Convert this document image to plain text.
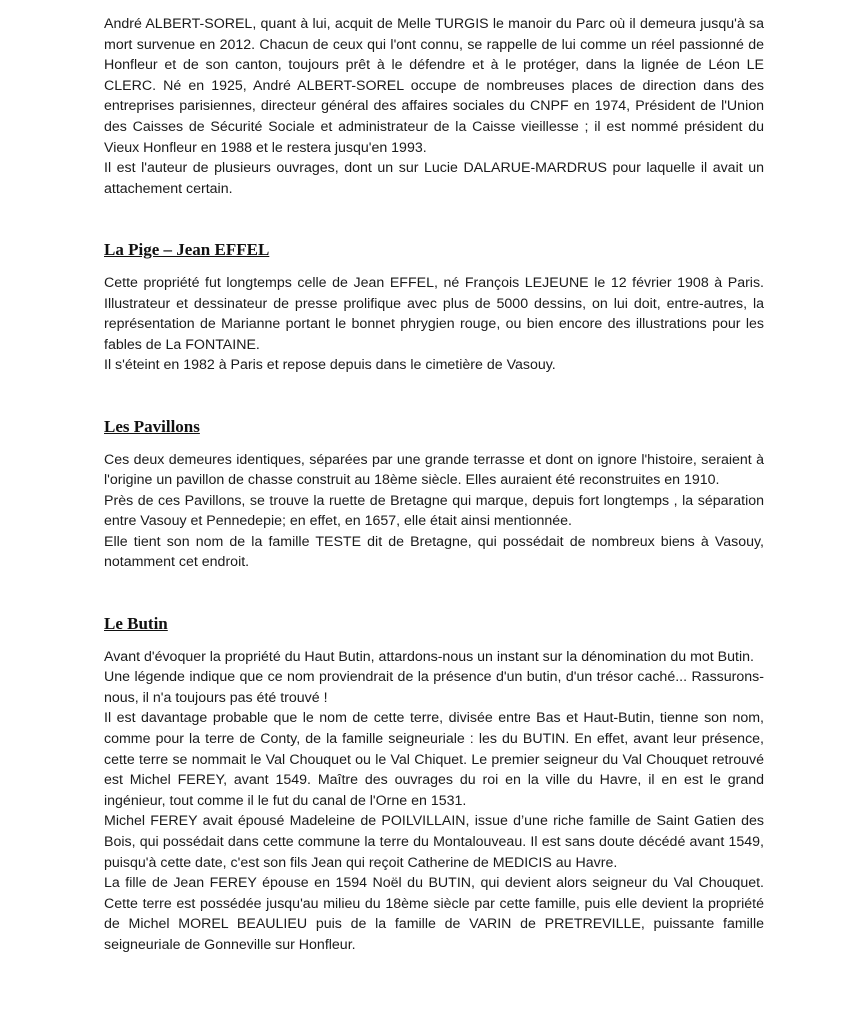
André ALBERT-SOREL, quant à lui, acquit de Melle TURGIS le manoir du Parc où il demeura jusqu'à sa mort survenue en 2012. Chacun de ceux qui l'ont connu, se rappelle de lui comme un réel passionné de Honfleur et de son canton, toujours prêt à le défendre et à le protéger, dans la lignée de Léon LE CLERC. Né en 1925, André ALBERT-SOREL occupe de nombreuses places de direction dans des entreprises parisiennes, directeur général des affaires sociales du CNPF en 1974, Président de l'Union des Caisses de Sécurité Sociale et administrateur de la Caisse vieillesse ; il est nommé président du Vieux Honfleur en 1988 et le restera jusqu'en 1993.

Il est l'auteur de plusieurs ouvrages, dont un sur Lucie DALARUE-MARDRUS pour laquelle il avait un attachement certain.

La Pige – Jean EFFEL

Cette propriété fut longtemps celle de Jean EFFEL, né François LEJEUNE le 12 février 1908 à Paris. Illustrateur et dessinateur de presse prolifique avec plus de 5000 dessins, on lui doit, entre-autres, la représentation de Marianne portant le bonnet phrygien rouge, ou bien encore des illustrations pour les fables de La FONTAINE.

Il s'éteint en 1982 à Paris et repose depuis dans le cimetière de Vasouy.

Les Pavillons

Ces deux demeures identiques, séparées par une grande terrasse et dont on ignore l'histoire, seraient à l'origine un pavillon de chasse construit au 18ème siècle. Elles auraient été reconstruites en 1910.

Près de ces Pavillons, se trouve la ruette de Bretagne qui marque, depuis fort longtemps , la séparation entre Vasouy et Pennedepie; en effet, en 1657, elle était ainsi mentionnée.

Elle tient son nom de la famille TESTE dit de Bretagne, qui possédait de nombreux biens à Vasouy, notamment cet endroit.

Le Butin

Avant d'évoquer la propriété du Haut Butin, attardons-nous un instant sur la dénomination du mot Butin.

Une légende indique que ce nom proviendrait de la présence d'un butin, d'un trésor caché... Rassurons-nous, il n'a toujours pas été trouvé !

Il est davantage probable que le nom de cette terre, divisée entre Bas et Haut-Butin, tienne son nom, comme pour la terre de Conty, de la famille seigneuriale : les du BUTIN. En effet, avant leur présence, cette terre se nommait le Val Chouquet ou le Val Chiquet. Le premier seigneur du Val Chouquet retrouvé est Michel FEREY, avant 1549. Maître des ouvrages du roi en la ville du Havre, il en est le grand ingénieur, tout comme il le fut du canal de l'Orne en 1531.

Michel FEREY avait épousé Madeleine de POILVILLAIN, issue d’une riche famille de Saint Gatien des Bois, qui possédait dans cette commune la terre du Montalouveau. Il est sans doute décédé avant 1549, puisqu'à cette date, c'est son fils Jean qui reçoit Catherine de MEDICIS au Havre.

La fille de Jean FEREY épouse en 1594 Noël du BUTIN, qui devient alors seigneur du Val Chouquet. Cette terre est possédée jusqu'au milieu du 18ème siècle par cette famille, puis elle devient la propriété de Michel MOREL BEAULIEU puis de la famille de VARIN de PRETREVILLE, puissante famille seigneuriale de Gonneville sur Honfleur.
